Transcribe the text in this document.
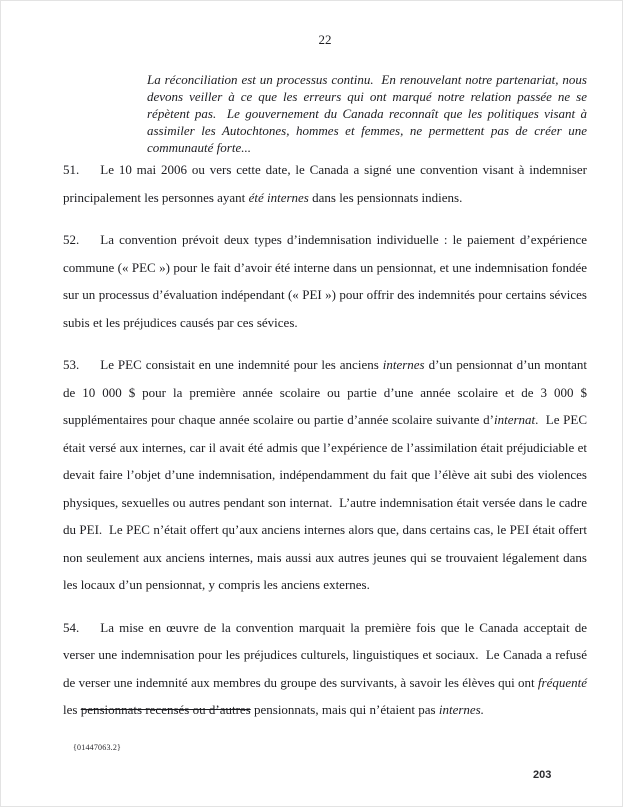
22
La réconciliation est un processus continu.  En renouvelant notre partenariat, nous devons veiller à ce que les erreurs qui ont marqué notre relation passée ne se répètent pas.  Le gouvernement du Canada reconnaît que les politiques visant à assimiler les Autochtones, hommes et femmes, ne permettent pas de créer une communauté forte...
51. Le 10 mai 2006 ou vers cette date, le Canada a signé une convention visant à indemniser principalement les personnes ayant été internes dans les pensionnats indiens.
52. La convention prévoit deux types d’indemnisation individuelle : le paiement d’expérience commune (« PEC ») pour le fait d’avoir été interne dans un pensionnat, et une indemnisation fondée sur un processus d’évaluation indépendant (« PEI ») pour offrir des indemnités pour certains sévices subis et les préjudices causés par ces sévices.
53. Le PEC consistait en une indemnité pour les anciens internes d’un pensionnat d’un montant de 10 000 $ pour la première année scolaire ou partie d’une année scolaire et de 3 000 $ supplémentaires pour chaque année scolaire ou partie d’année scolaire suivante d’internat.  Le PEC était versé aux internes, car il avait été admis que l’expérience de l’assimilation était préjudiciable et devait faire l’objet d’une indemnisation, indépendamment du fait que l’élève ait subi des violences physiques, sexuelles ou autres pendant son internat.  L’autre indemnisation était versée dans le cadre du PEI.  Le PEC n’était offert qu’aux anciens internes alors que, dans certains cas, le PEI était offert non seulement aux anciens internes, mais aussi aux autres jeunes qui se trouvaient légalement dans les locaux d’un pensionnat, y compris les anciens externes.
54. La mise en œuvre de la convention marquait la première fois que le Canada acceptait de verser une indemnisation pour les préjudices culturels, linguistiques et sociaux.  Le Canada a refusé de verser une indemnité aux membres du groupe des survivants, à savoir les élèves qui ont fréquenté les pensionnats recensés ou d’autres pensionnats, mais qui n’étaient pas internes.
{01447063.2}
203
